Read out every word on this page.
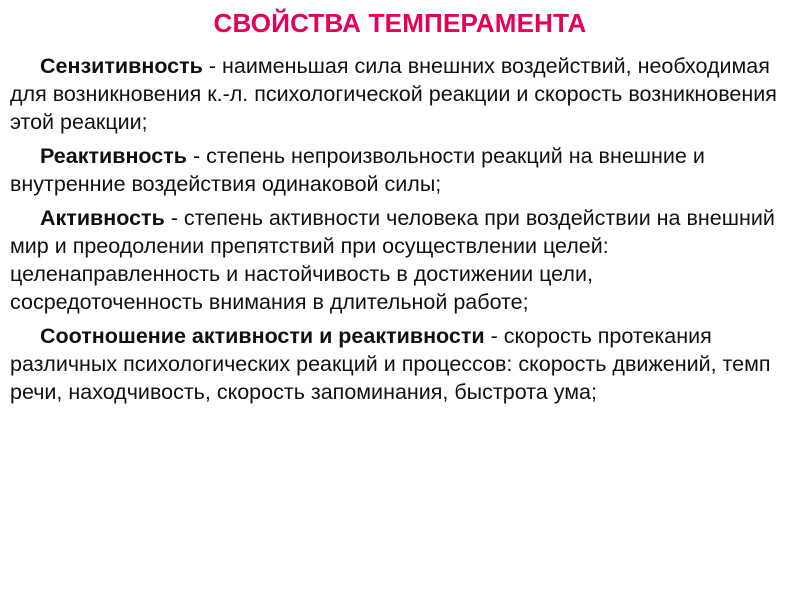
СВОЙСТВА ТЕМПЕРАМЕНТА

Сензитивность - наименьшая сила внешних воздействий, необходимая для возникновения к.-л. психологической реакции и скорость возникновения этой реакции;

Реактивность - степень непроизвольности реакций на внешние и внутренние воздействия одинаковой силы;

Активность - степень активности человека при воздействии на внешний мир и преодолении препятствий при осуществлении целей: целенаправленность и настойчивость в достижении цели, сосредоточенность внимания в длительной работе;

Соотношение активности и реактивности - скорость протекания различных психологических реакций и процессов: скорость движений, темп речи, находчивость, скорость запоминания, быстрота ума;
